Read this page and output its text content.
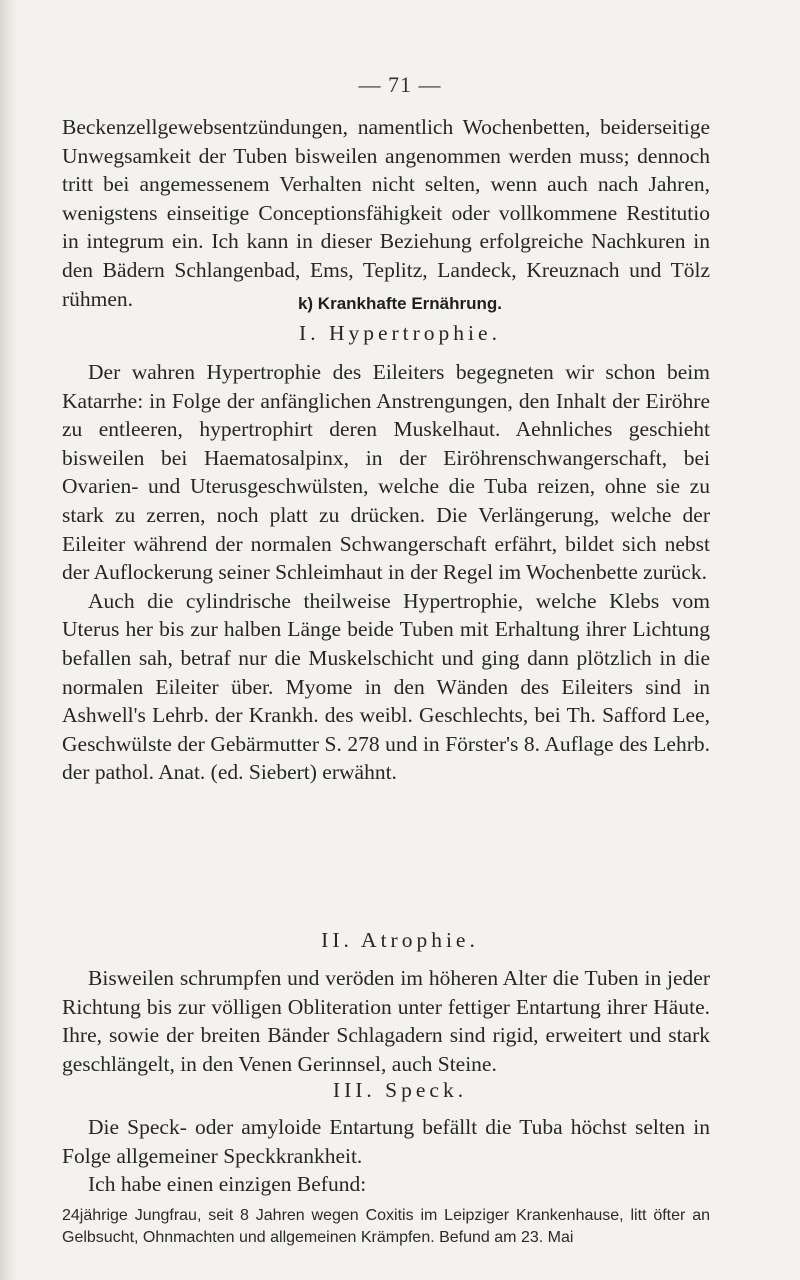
— 71 —

Beckenzellgewebsentzündungen, namentlich Wochenbetten, beiderseitige Unwegsamkeit der Tuben bisweilen angenommen werden muss; dennoch tritt bei angemessenem Verhalten nicht selten, wenn auch nach Jahren, wenigstens einseitige Conceptionsfähigkeit oder vollkommene Restitutio in integrum ein. Ich kann in dieser Beziehung erfolgreiche Nachkuren in den Bädern Schlangenbad, Ems, Teplitz, Landeck, Kreuznach und Tölz rühmen.	k) Krankhafte Ernährung.
I. Hypertrophie.

Der wahren Hypertrophie des Eileiters begegneten wir schon beim Katarrhe: in Folge der anfänglichen Anstrengungen, den Inhalt der Eiröhre zu entleeren, hypertrophirt deren Muskelhaut. Aehnliches geschieht bisweilen bei Haematosalpinx, in der Eiröhrenschwangerschaft, bei Ovarien- und Uterusgeschwülsten, welche die Tuba reizen, ohne sie zu stark zu zerren, noch platt zu drücken. Die Verlängerung, welche der Eileiter während der normalen Schwangerschaft erfährt, bildet sich nebst der Auflockerung seiner Schleimhaut in der Regel im Wochenbette zurück.

Auch die cylindrische theilweise Hypertrophie, welche Klebs vom Uterus her bis zur halben Länge beide Tuben mit Erhaltung ihrer Lichtung befallen sah, betraf nur die Muskelschicht und ging dann plötzlich in die normalen Eileiter über. Myome in den Wänden des Eileiters sind in Ashwell's Lehrb. der Krankh. des weibl. Geschlechts, bei Th. Safford Lee, Geschwülste der Gebärmutter S. 278 und in Förster's 8. Auflage des Lehrb. der pathol. Anat. (ed. Siebert) erwähnt.

II. Atrophie.

Bisweilen schrumpfen und veröden im höheren Alter die Tuben in jeder Richtung bis zur völligen Obliteration unter fettiger Entartung ihrer Häute. Ihre, sowie der breiten Bänder Schlagadern sind rigid, erweitert und stark geschlängelt, in den Venen Gerinnsel, auch Steine.

III. Speck.

Die Speck- oder amyloide Entartung befällt die Tuba höchst selten in Folge allgemeiner Speckkrankheit.

Ich habe einen einzigen Befund:

24jährige Jungfrau, seit 8 Jahren wegen Coxitis im Leipziger Krankenhause, litt öfter an Gelbsucht, Ohnmachten und allgemeinen Krämpfen. Befund am 23. Mai
